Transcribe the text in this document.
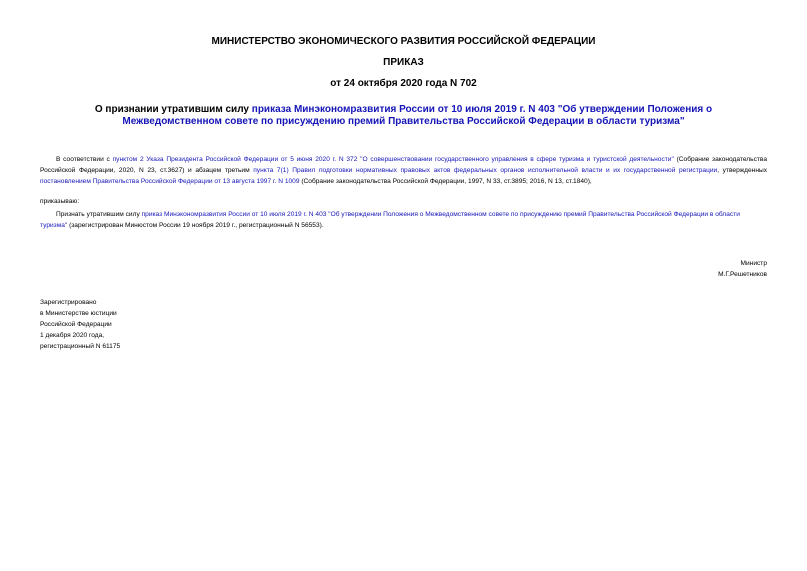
МИНИСТЕРСТВО ЭКОНОМИЧЕСКОГО РАЗВИТИЯ РОССИЙСКОЙ ФЕДЕРАЦИИ
ПРИКАЗ
от 24 октября 2020 года N 702
О признании утратившим силу приказа Минэкономразвития России от 10 июля 2019 г. N 403 "Об утверждении Положения о Межведомственном совете по присуждению премий Правительства Российской Федерации в области туризма"
В соответствии с пунктом 2 Указа Президента Российской Федерации от 5 июня 2020 г. N 372 "О совершенствовании государственного управления в сфере туризма и туристской деятельности" (Собрание законодательства Российской Федерации, 2020, N 23, ст.3627) и абзацем третьим пункта 7(1) Правил подготовки нормативных правовых актов федеральных органов исполнительной власти и их государственной регистрации, утвержденных постановлением Правительства Российской Федерации от 13 августа 1997 г. N 1009 (Собрание законодательства Российской Федерации, 1997, N 33, ст.3895; 2016, N 13, ст.1840),
приказываю:
Признать утратившим силу приказ Минэкономразвития России от 10 июля 2019 г. N 403 "Об утверждении Положения о Межведомственном совете по присуждению премий Правительства Российской Федерации в области туризма" (зарегистрирован Минюстом России 19 ноября 2019 г., регистрационный N 56553).
Министр
М.Г.Решетников
Зарегистрировано
в Министерстве юстиции
Российской Федерации
1 декабря 2020 года,
регистрационный N 61175
